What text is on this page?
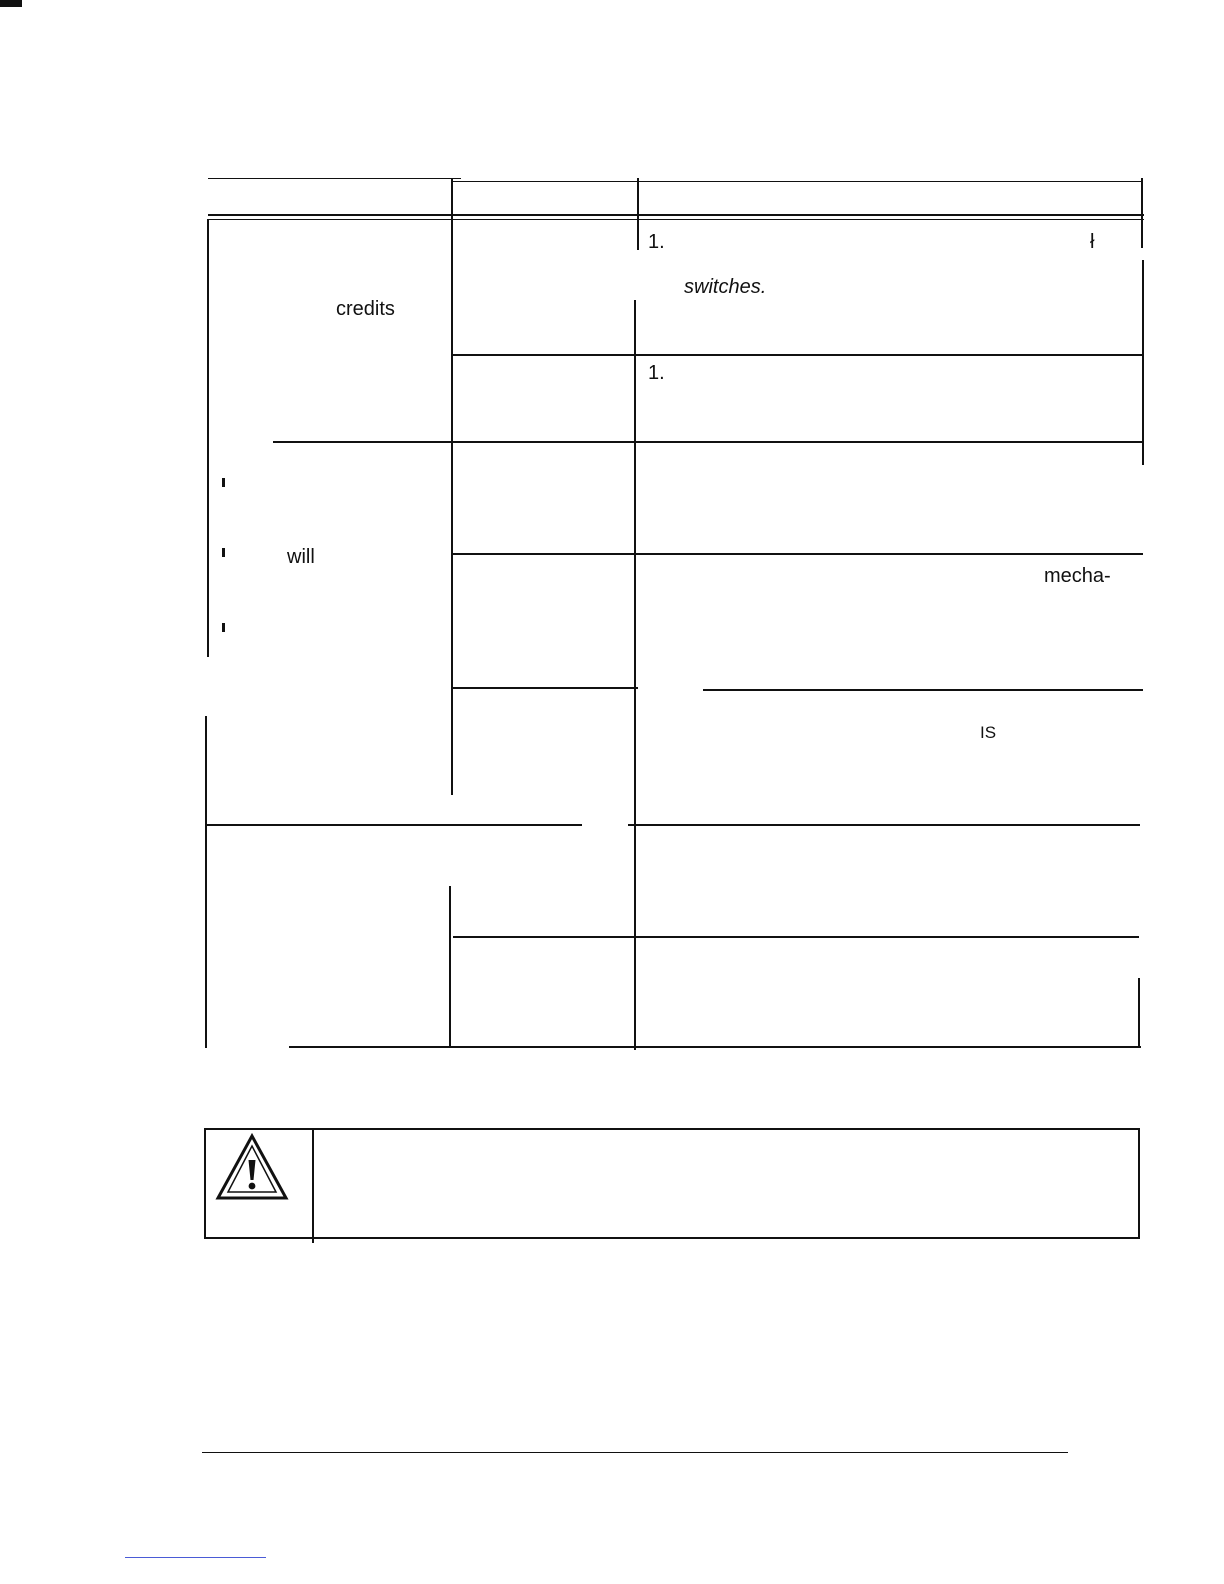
credits
will
1.
switches.
ł
1.
mecha-
IS
